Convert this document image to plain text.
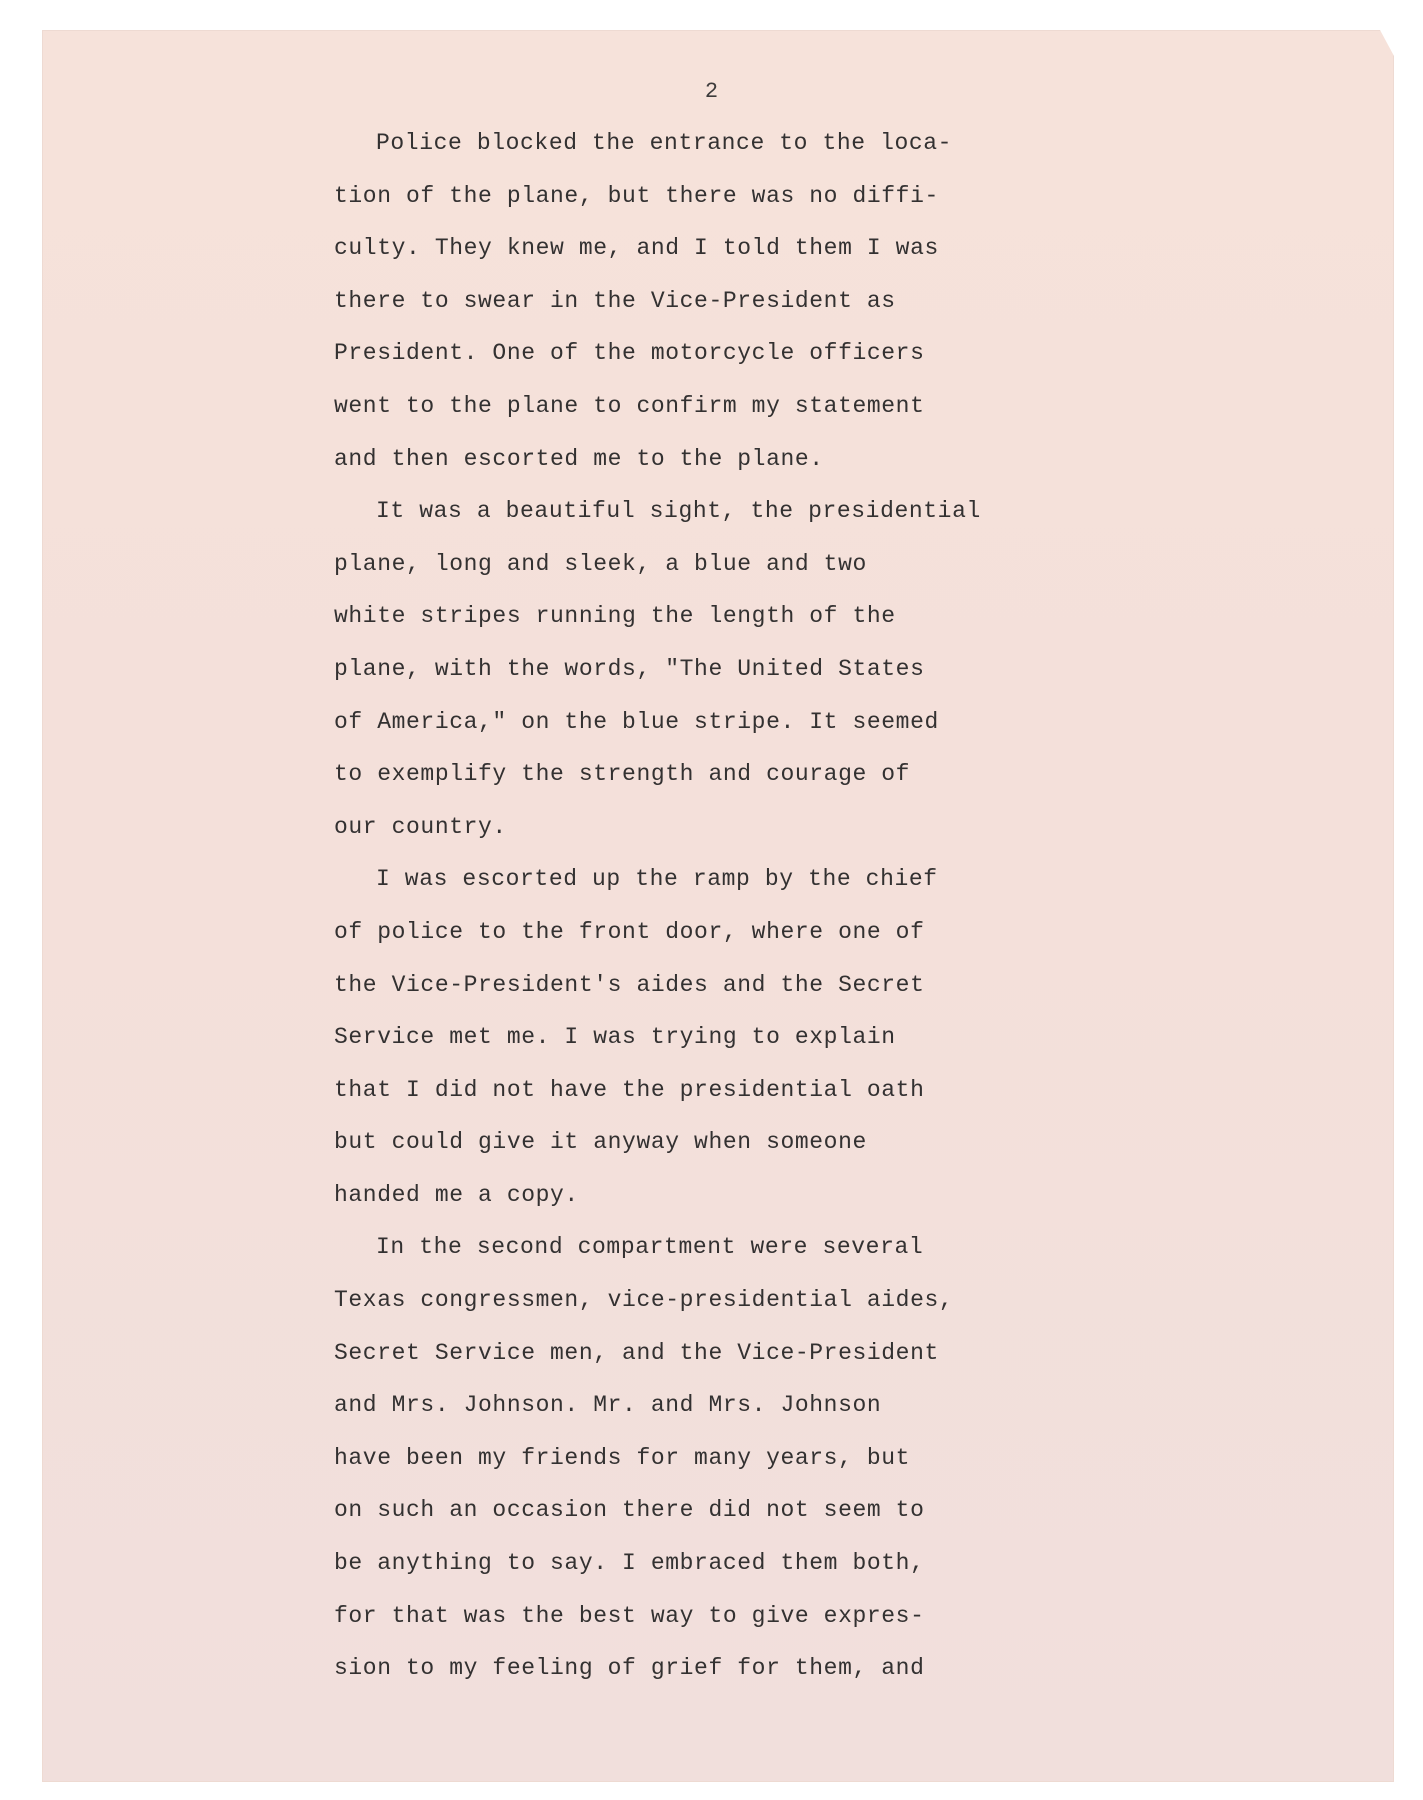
2
Police blocked the entrance to the loca-
tion of the plane, but there was no diffi-
culty. They knew me, and I told them I was
there to swear in the Vice-President as
President. One of the motorcycle officers
went to the plane to confirm my statement
and then escorted me to the plane.
It was a beautiful sight, the presidential
plane, long and sleek, a blue and two
white stripes running the length of the
plane, with the words, "The United States
of America," on the blue stripe. It seemed
to exemplify the strength and courage of
our country.
I was escorted up the ramp by the chief
of police to the front door, where one of
the Vice-President's aides and the Secret
Service met me. I was trying to explain
that I did not have the presidential oath
but could give it anyway when someone
handed me a copy.
In the second compartment were several
Texas congressmen, vice-presidential aides,
Secret Service men, and the Vice-President
and Mrs. Johnson. Mr. and Mrs. Johnson
have been my friends for many years, but
on such an occasion there did not seem to
be anything to say. I embraced them both,
for that was the best way to give expres-
sion to my feeling of grief for them, and
